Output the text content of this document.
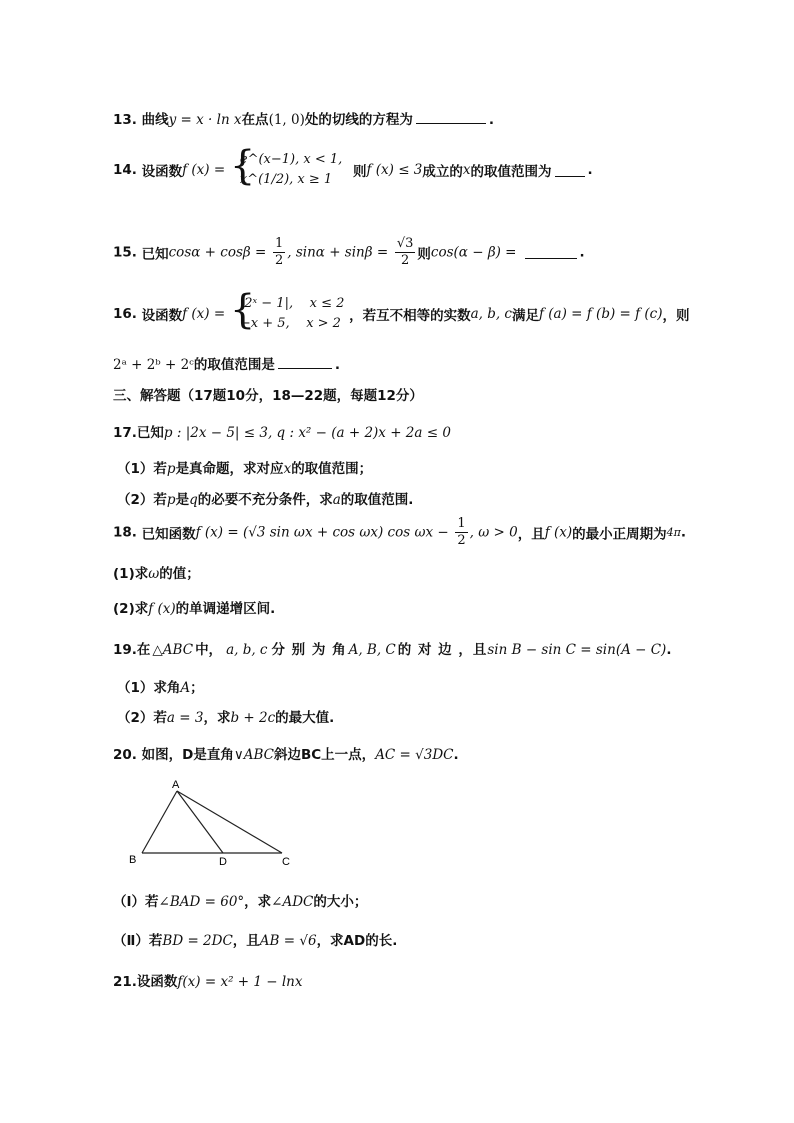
13. 曲线y = x · ln x在点(1, 0)处的切线的方程为	.
14. 设函数f (x) = {
e^(x−1), x < 1,
x^(1/2), x ≥ 1	则f (x) ≤ 3成立的x的取值范围为	.
15. 已知$\cos\alpha + \cos\beta = \frac{1}{2}$ , $\sin\alpha + \sin\beta = \frac{√3}{2}$ 则cos(α − β) =	.
16. 设函数f (x) = {
|2ˣ − 1|,    x ≤ 2
−x + 5,    x > 2 ，若互不相等的实数a, b, c满足f (a) = f (b) = f (c)，则
2ᵃ + 2ᵇ + 2ᶜ的取值范围是	.
三、解答题（17题10分，18—22题，每题12分）
17.已知p : |2x − 5| ≤ 3, q : x² − (a + 2)x + 2a ≤ 0
（1）若p是真命题，求对应x的取值范围；
（2）若p是q的必要不充分条件，求a的取值范围.
18. 已知函数f (x) = (√3 sin ωx + cos ωx) $\cos \omega x - \frac{1}{2}$ , ω > 0，且f (x)的最小正周期为4π.
(1)求ω的值；
(2)求f (x)的单调递增区间.
19.在 △ABC 中， a, b, c 分 别 为 角 A, B, C 的 对 边 ，且sin B − sin C = sin(A − C).
（1）求角A；
（2）若a = 3，求b + 2c的最大值.
20. 如图，D是直角∨ABC斜边BC上一点，AC = √3DC.
A
B	D	C
（Ⅰ）若∠BAD = 60°，求∠ADC的大小；
（Ⅱ）若BD = 2DC，且AB = √6，求AD的长.
21.设函数f(x) = x² + 1 − lnx
